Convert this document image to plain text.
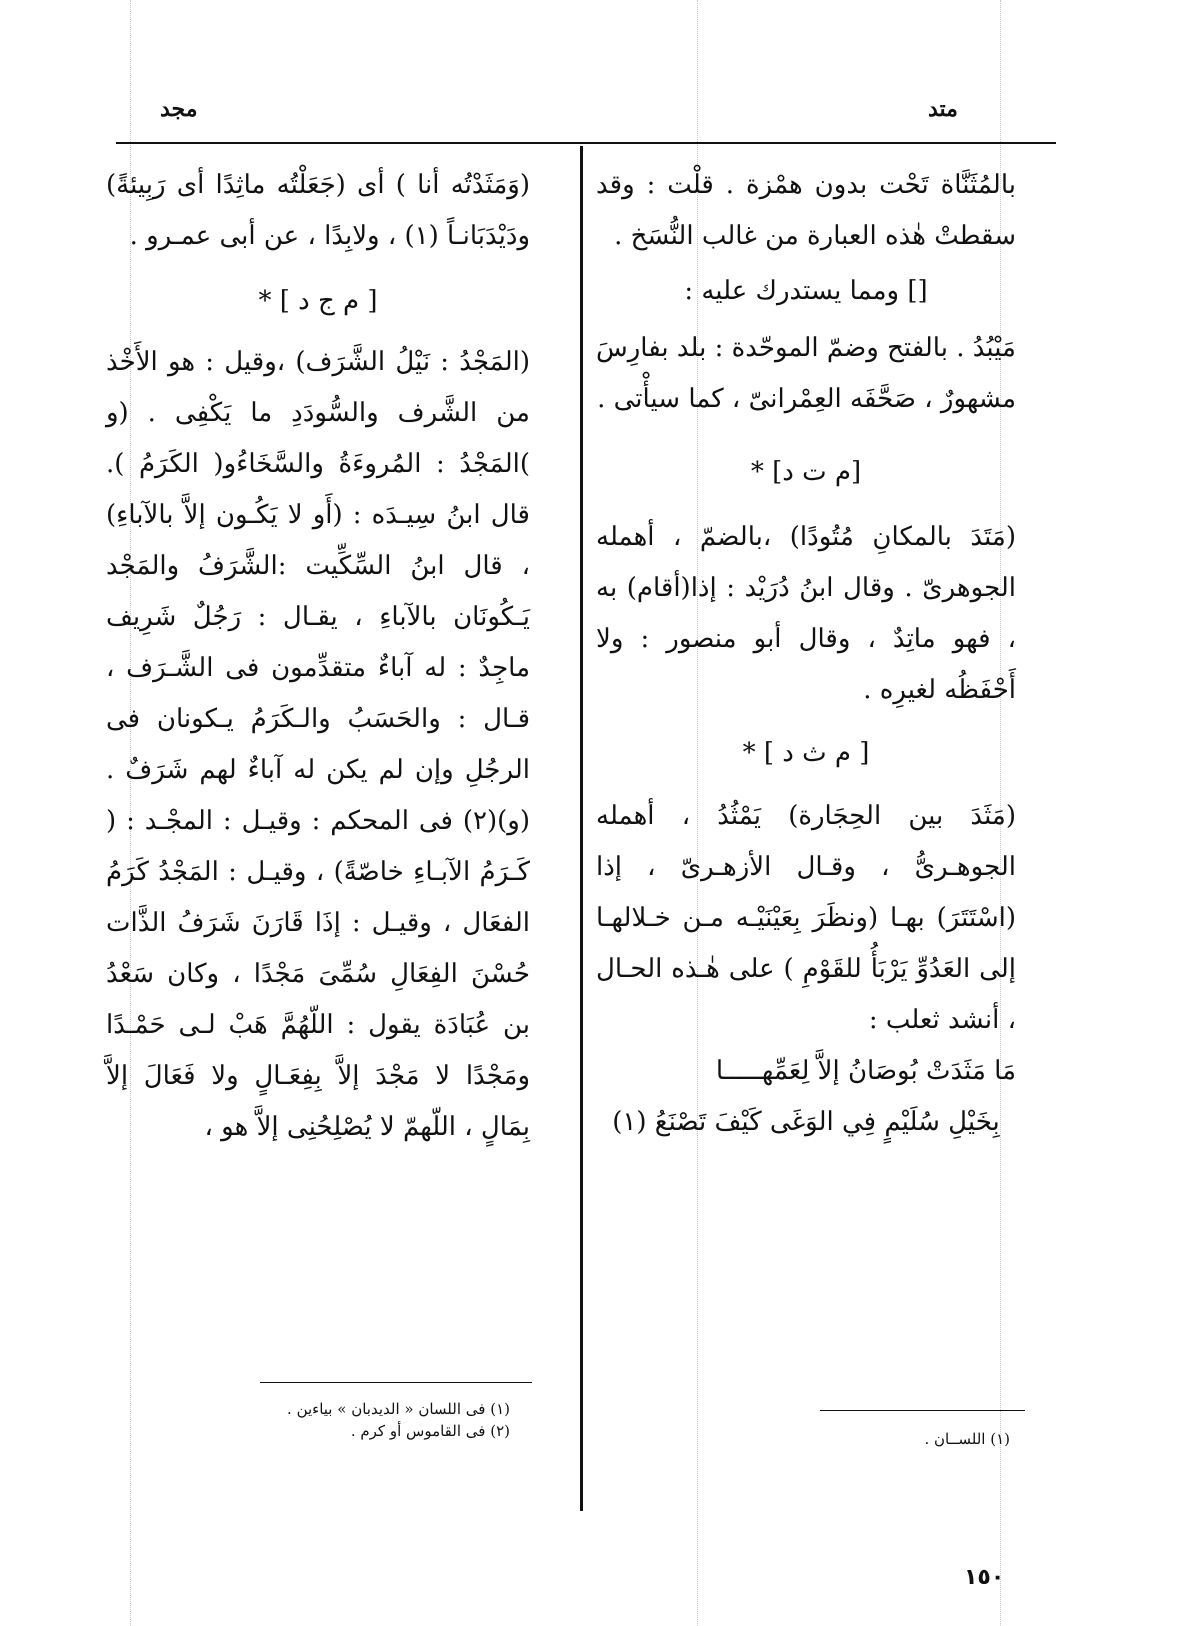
متد
مجد

بالمُثَنَّاة تَحْت بدون همْزة . قلْت : وقد سقطتْ هٰذه العبارة من غالب النُّسَخ .

[] ومما يستدرك عليه :

مَيْبُدُ . بالفتح وضمّ الموحّدة : بلد بفارِسَ مشهورٌ ، صَحَّفَه العِمْرانىّ ، كما سيأْتى .

[م ت د] *

(مَتَدَ بالمكانِ مُتُودًا) ،بالضمّ ، أهمله الجوهرىّ . وقال ابنُ دُرَيْد : إذا(أقام) به ، فهو ماتِدٌ ، وقال أبو منصور : ولا أَحْفَظُه لغيرِه .

[ م ث د ] *

(مَثَدَ بين الحِجَارة) يَمْثُدُ ، أهمله الجوهـرىُّ ، وقـال الأزهـرىّ ، إذا (اسْتَتَرَ) بهـا (ونظَرَ بِعَيْنَيْـه مـن خـلالهـا إلى العَدُوِّ يَرْبَأُ للقَوْمِ ) على هٰـذه الحـال ، أنشد ثعلب :

مَا مَثَدَتْ بُوصَانُ إلاَّ لِعَمِّهـــــا

بِخَيْلِ سُلَيْمٍ فِي الوَغَى كَيْفَ تَصْنَعُ (١)

(١) اللســان .

(وَمَثَدْتُه أنا ) أى (جَعَلْتُه ماثِدًا أى رَبِيئةً) ودَيْدَبَانـاً (١) ، ولابِدًا ، عن أبى عمـرو .

[ م ج د ] *

(المَجْدُ : نَيْلُ الشَّرَف) ،وقيل : هو الأَخْذ من الشَّرف والسُّودَدِ ما يَكْفِى . (و )المَجْدُ : المُروءَةُ والسَّخَاءُو( الكَرَمُ ). قال ابنُ سِيـدَه : (أَو لا يَكُـون إلاَّ بالآباءِ) ، قال ابنُ السِّكِّيت :الشَّرَفُ والمَجْد يَـكُونَان بالآباءِ ، يقـال : رَجُلٌ شَرِيف ماجِدٌ : له آباءٌ متقدِّمون فى الشَّـرَف ، قـال : والحَسَبُ والـكَرَمُ يـكونان فى الرجُلِ وإن لم يكن له آباءٌ لهم شَرَفٌ . (و)(٢) فى المحكم : وقيـل : المجْـد : ( كَـرَمُ الآبـاءِ خاصّةً) ، وقيـل : المَجْدُ كَرَمُ الفعَال ، وقيـل : إذَا قَارَنَ شَرَفُ الذَّات حُسْنَ الفِعَالِ سُمِّىَ مَجْدًا ، وكان سَعْدُ بن عُبَادَة يقول : اللّهُمَّ هَبْ لـى حَمْـدًا ومَجْدًا لا مَجْدَ إلاَّ بِفِعَـالٍ ولا فَعَالَ إلاَّ بِمَالٍ ، اللّهمّ لا يُصْلِحُنِى إلاَّ هو ،

(١) فى اللسان « الديدبان » بياءين .
(٢) فى القاموس أو كرم .
١٥٠
